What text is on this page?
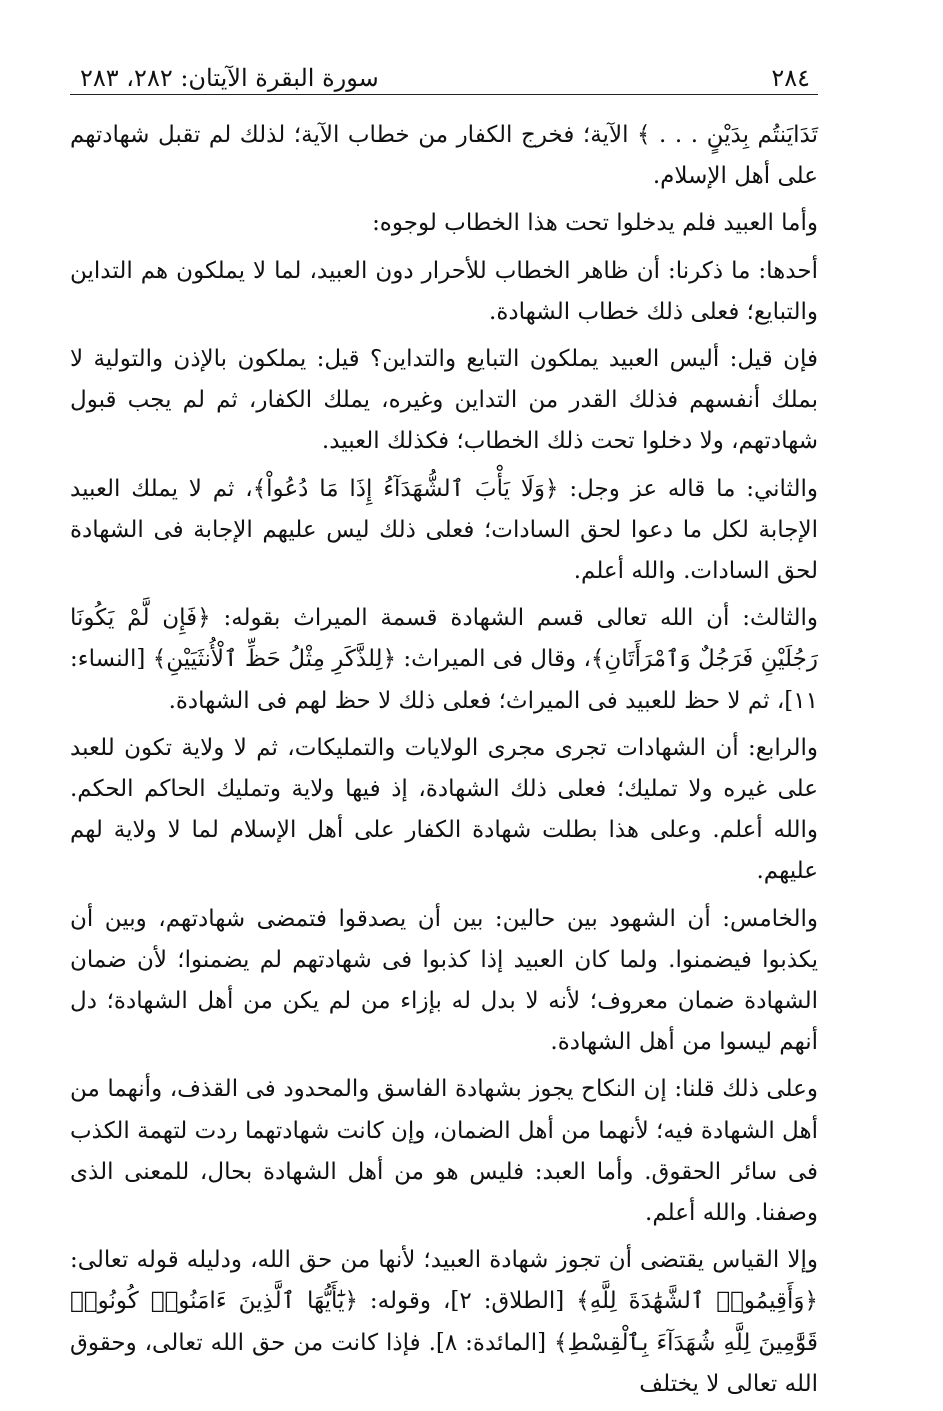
٢٨٤
سورة البقرة الآيتان: ٢٨٢، ٢٨٣

تَدَايَنتُم بِدَيْنٍ . . . ﴾ الآية؛ فخرج الكفار من خطاب الآية؛ لذلك لم تقبل شهادتهم على أهل الإسلام.

وأما العبيد فلم يدخلوا تحت هذا الخطاب لوجوه:

أحدها: ما ذكرنا: أن ظاهر الخطاب للأحرار دون العبيد، لما لا يملكون هم التداين والتبايع؛ فعلى ذلك خطاب الشهادة.

فإن قيل: أليس العبيد يملكون التبايع والتداين؟ قيل: يملكون بالإذن والتولية لا بملك أنفسهم فذلك القدر من التداين وغيره، يملك الكفار، ثم لم يجب قبول شهادتهم، ولا دخلوا تحت ذلك الخطاب؛ فكذلك العبيد.

والثاني: ما قاله عز وجل: ﴿وَلَا يَأْبَ ٱلشُّهَدَآءُ إِذَا مَا دُعُواْ﴾، ثم لا يملك العبيد الإجابة لكل ما دعوا لحق السادات؛ فعلى ذلك ليس عليهم الإجابة فى الشهادة لحق السادات. والله أعلم.

والثالث: أن الله تعالى قسم الشهادة قسمة الميراث بقوله: ﴿فَإِن لَّمْ يَكُونَا رَجُلَيْنِ فَرَجُلٌ وَٱمْرَأَتَانِ﴾، وقال فى الميراث: ﴿لِلذَّكَرِ مِثْلُ حَظِّ ٱلْأُنثَيَيْنِ﴾ [النساء: ١١]، ثم لا حظ للعبيد فى الميراث؛ فعلى ذلك لا حظ لهم فى الشهادة.

والرابع: أن الشهادات تجرى مجرى الولايات والتمليكات، ثم لا ولاية تكون للعبد على غيره ولا تمليك؛ فعلى ذلك الشهادة، إذ فيها ولاية وتمليك الحاكم الحكم. والله أعلم. وعلى هذا بطلت شهادة الكفار على أهل الإسلام لما لا ولاية لهم عليهم.

والخامس: أن الشهود بين حالين: بين أن يصدقوا فتمضى شهادتهم، وبين أن يكذبوا فيضمنوا. ولما كان العبيد إذا كذبوا فى شهادتهم لم يضمنوا؛ لأن ضمان الشهادة ضمان معروف؛ لأنه لا بدل له بإزاء من لم يكن من أهل الشهادة؛ دل أنهم ليسوا من أهل الشهادة.

وعلى ذلك قلنا: إن النكاح يجوز بشهادة الفاسق والمحدود فى القذف، وأنهما من أهل الشهادة فيه؛ لأنهما من أهل الضمان، وإن كانت شهادتهما ردت لتهمة الكذب فى سائر الحقوق. وأما العبد: فليس هو من أهل الشهادة بحال، للمعنى الذى وصفنا. والله أعلم.

وإلا القياس يقتضى أن تجوز شهادة العبيد؛ لأنها من حق الله، ودليله قوله تعالى: ﴿وَأَقِيمُوا۟ ٱلشَّهَٰدَةَ لِلَّهِ﴾ [الطلاق: ٢]، وقوله: ﴿يَٰٓأَيُّهَا ٱلَّذِينَ ءَامَنُوا۟ كُونُوا۟ قَوَّٰمِينَ لِلَّهِ شُهَدَآءَ بِٱلْقِسْطِ﴾ [المائدة: ٨]. فإذا كانت من حق الله تعالى، وحقوق الله تعالى لا يختلف
